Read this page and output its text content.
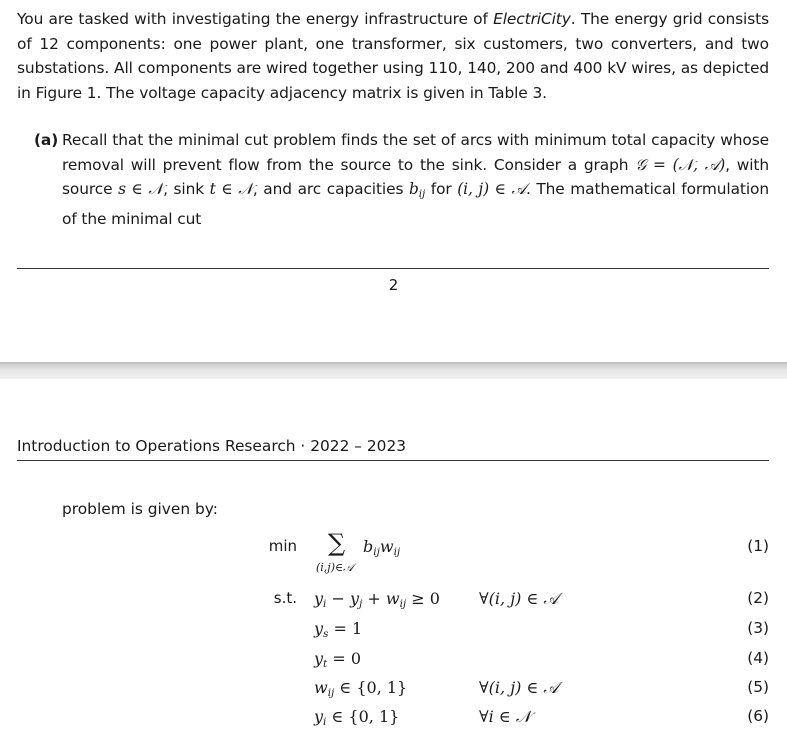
You are tasked with investigating the energy infrastructure of ElectriCity. The energy grid consists of 12 components: one power plant, one transformer, six customers, two converters, and two substations. All components are wired together using 110, 140, 200 and 400 kV wires, as depicted in Figure 1. The voltage capacity adjacency matrix is given in Table 3.
(a) Recall that the minimal cut problem finds the set of arcs with minimum total capacity whose removal will prevent flow from the source to the sink. Consider a graph 𝒢 = (𝒩, 𝒜), with source s ∈ 𝒩, sink t ∈ 𝒩, and arc capacities $b_{ij}$ for (i, j) ∈ 𝒜. The mathematical formulation of the minimal cut
2
Introduction to Operations Research · 2022 – 2023
problem is given by:
min ∑
(i,j)∈𝒜
$b_{ij}w_{ij}$	(1)
s.t. $y_i - y_j + w_{ij} \ge 0$ ∀(i, j) ∈ 𝒜	(2)
$y_s = 1$	(3)
$y_t = 0$	(4)
$w_{ij}$ ∈ {0, 1}	∀(i, j) ∈ 𝒜	(5)
$y_i$ ∈ {0, 1}	∀i ∈ 𝒩	(6)
